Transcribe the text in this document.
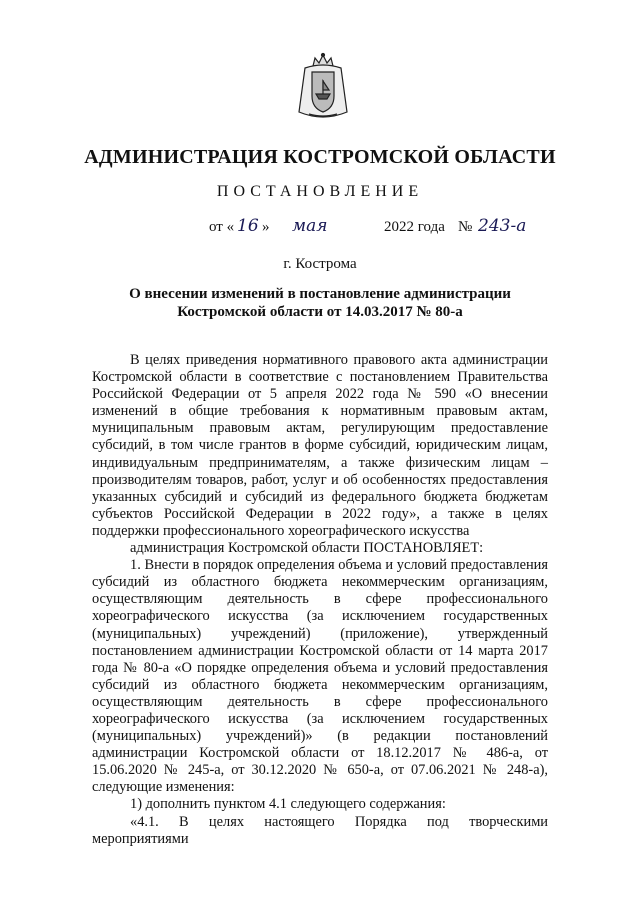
АДМИНИСТРАЦИЯ КОСТРОМСКОЙ ОБЛАСТИ
ПОСТАНОВЛЕНИЕ
от « 16 » мая	2022 года № 243-а
г. Кострома
О внесении изменений в постановление администрации
Костромской области от 14.03.2017 № 80-а

В целях приведения нормативного правового акта администрации Костромской области в соответствие с постановлением Правительства Российской Федерации от 5 апреля 2022 года № 590 «О внесении изменений в общие требования к нормативным правовым актам, муниципальным правовым актам, регулирующим предоставление субсидий, в том числе грантов в форме субсидий, юридическим лицам, индивидуальным предпринимателям, а также физическим лицам – производителям товаров, работ, услуг и об особенностях предоставления указанных субсидий и субсидий из федерального бюджета бюджетам субъектов Российской Федерации в 2022 году», а также в целях поддержки профессионального хореографического искусства

администрация Костромской области ПОСТАНОВЛЯЕТ:

1. Внести в порядок определения объема и условий предоставления субсидий из областного бюджета некоммерческим организациям, осуществляющим деятельность в сфере профессионального хореографического искусства (за исключением государственных (муниципальных) учреждений) (приложение), утвержденный постановлением администрации Костромской области от 14 марта 2017 года № 80-а «О порядке определения объема и условий предоставления субсидий из областного бюджета некоммерческим организациям, осуществляющим деятельность в сфере профессионального хореографического искусства (за исключением государственных (муниципальных) учреждений)» (в редакции постановлений администрации Костромской области от 18.12.2017 № 486-а, от 15.06.2020 № 245-а, от 30.12.2020 № 650-а, от 07.06.2021 № 248-а), следующие изменения:

1) дополнить пунктом 4.1 следующего содержания:

«4.1. В целях настоящего Порядка под творческими мероприятиями
